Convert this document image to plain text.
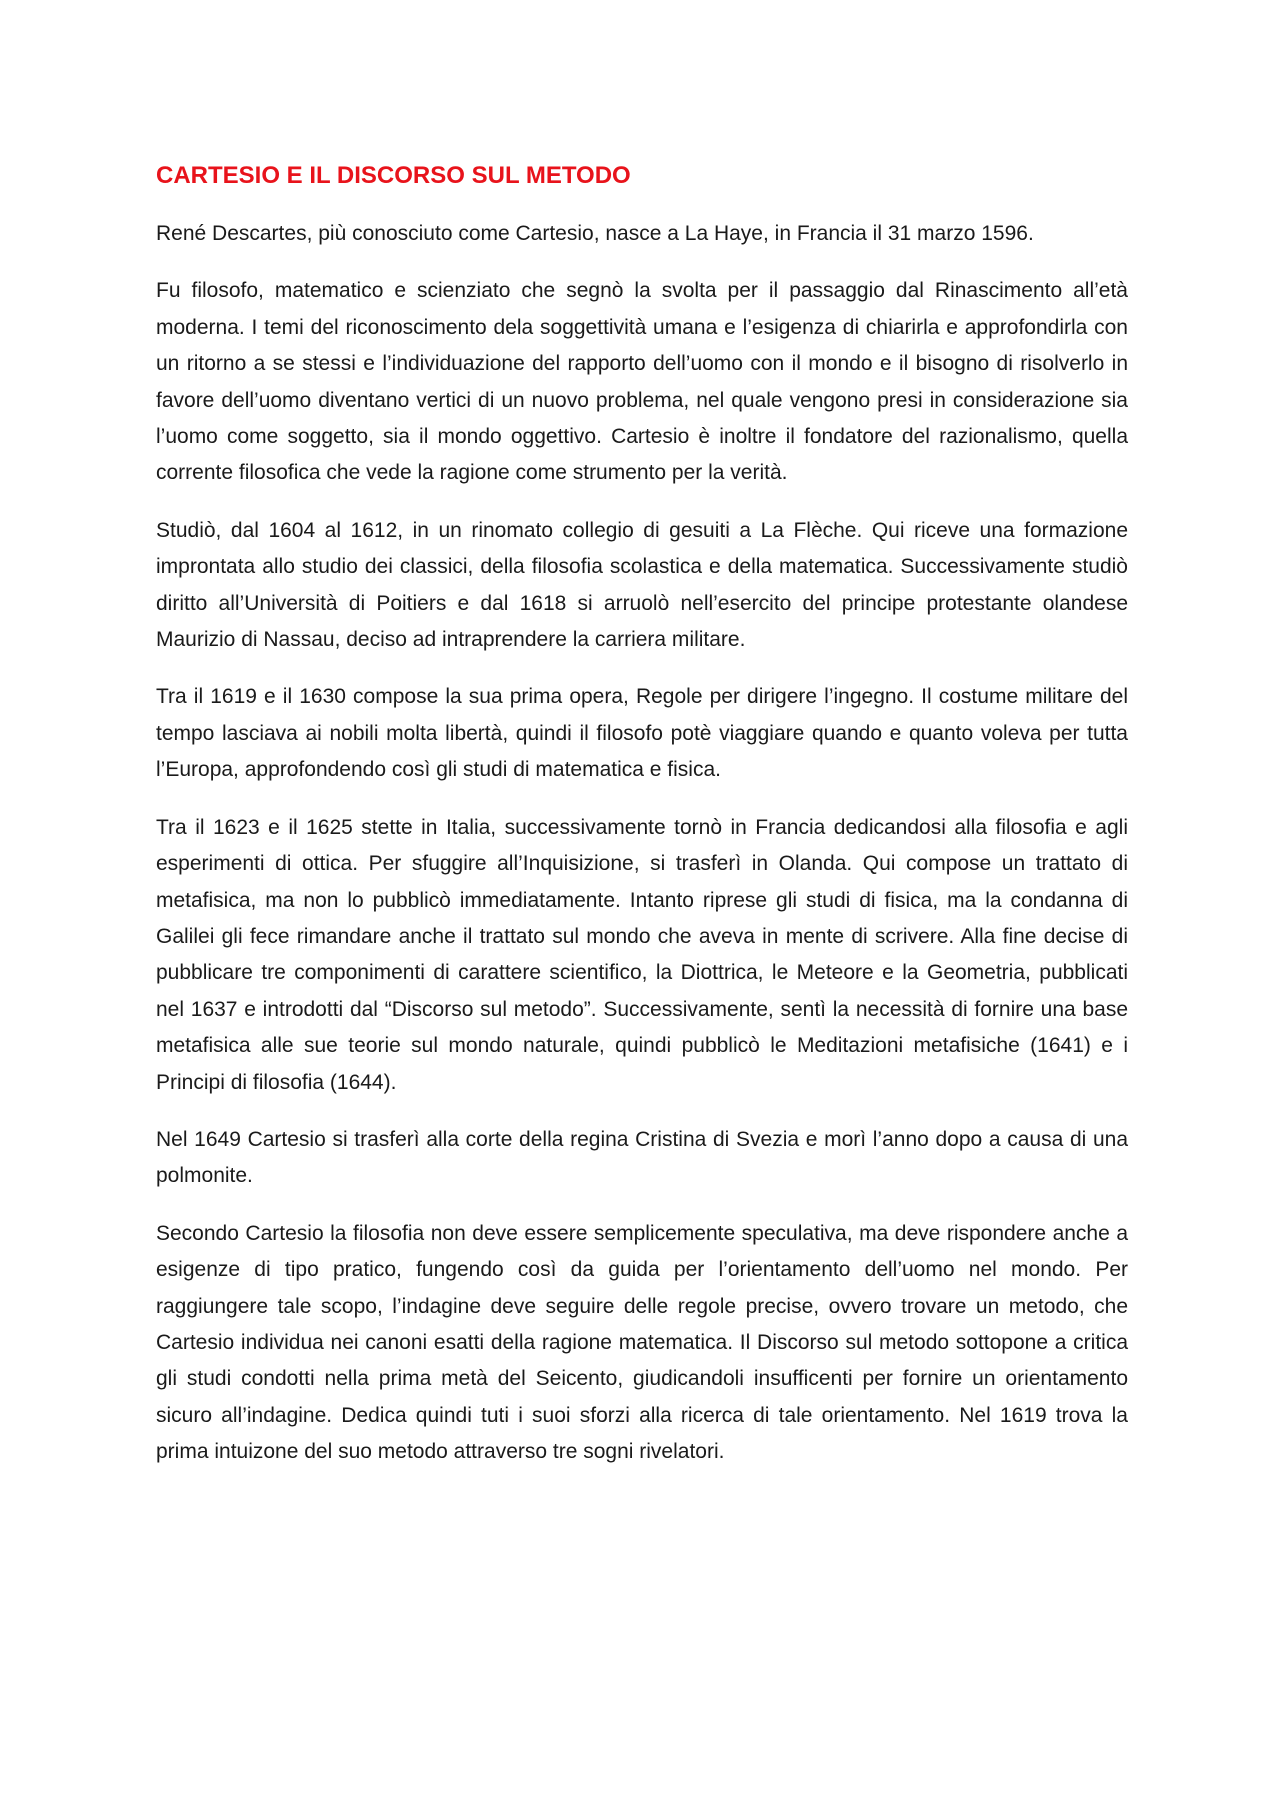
CARTESIO E IL DISCORSO SUL METODO

René Descartes, più conosciuto come Cartesio, nasce a La Haye, in Francia il 31 marzo 1596.

Fu filosofo, matematico e scienziato che segnò la svolta per il passaggio dal Rinascimento all’età moderna. I temi del riconoscimento dela soggettività umana e l’esigenza di chiarirla e approfondirla con un ritorno a se stessi e l’individuazione del rapporto dell’uomo con il mondo e il bisogno di risolverlo in favore dell’uomo diventano vertici di un nuovo problema, nel quale vengono presi in considerazione sia l’uomo come soggetto, sia il mondo oggettivo. Cartesio è inoltre il fondatore del razionalismo, quella corrente filosofica che vede la ragione come strumento per la verità.

Studiò, dal 1604 al 1612, in un rinomato collegio di gesuiti a La Flèche. Qui riceve una formazione improntata allo studio dei classici, della filosofia scolastica e della matematica. Successivamente studiò diritto all’Università di Poitiers e dal 1618 si arruolò nell’esercito del principe protestante olandese Maurizio di Nassau, deciso ad intraprendere la carriera militare.

Tra il 1619 e il 1630 compose la sua prima opera, Regole per dirigere l’ingegno. Il costume militare del tempo lasciava ai nobili molta libertà, quindi il filosofo potè viaggiare quando e quanto voleva per tutta l’Europa, approfondendo così gli studi di matematica e fisica.

Tra il 1623 e il 1625 stette in Italia, successivamente tornò in Francia dedicandosi alla filosofia e agli esperimenti di ottica. Per sfuggire all’Inquisizione, si trasferì in Olanda. Qui compose un trattato di metafisica, ma non lo pubblicò immediatamente. Intanto riprese gli studi di fisica, ma la condanna di Galilei gli fece rimandare anche il trattato sul mondo che aveva in mente di scrivere. Alla fine decise di pubblicare tre componimenti di carattere scientifico, la Diottrica, le Meteore e la Geometria, pubblicati nel 1637 e introdotti dal “Discorso sul metodo”. Successivamente, sentì la necessità di fornire una base metafisica alle sue teorie sul mondo naturale, quindi pubblicò le Meditazioni metafisiche (1641) e i Principi di filosofia (1644).

Nel 1649 Cartesio si trasferì alla corte della regina Cristina di Svezia e morì l’anno dopo a causa di una polmonite.

Secondo Cartesio la filosofia non deve essere semplicemente speculativa, ma deve rispondere anche a esigenze di tipo pratico, fungendo così da guida per l’orientamento dell’uomo nel mondo. Per raggiungere tale scopo, l’indagine deve seguire delle regole precise, ovvero trovare un metodo, che Cartesio individua nei canoni esatti della ragione matematica. Il Discorso sul metodo sottopone a critica gli studi condotti nella prima metà del Seicento, giudicandoli insufficenti per fornire un orientamento sicuro all’indagine. Dedica quindi tuti i suoi sforzi alla ricerca di tale orientamento. Nel 1619 trova la prima intuizone del suo metodo attraverso tre sogni rivelatori.
